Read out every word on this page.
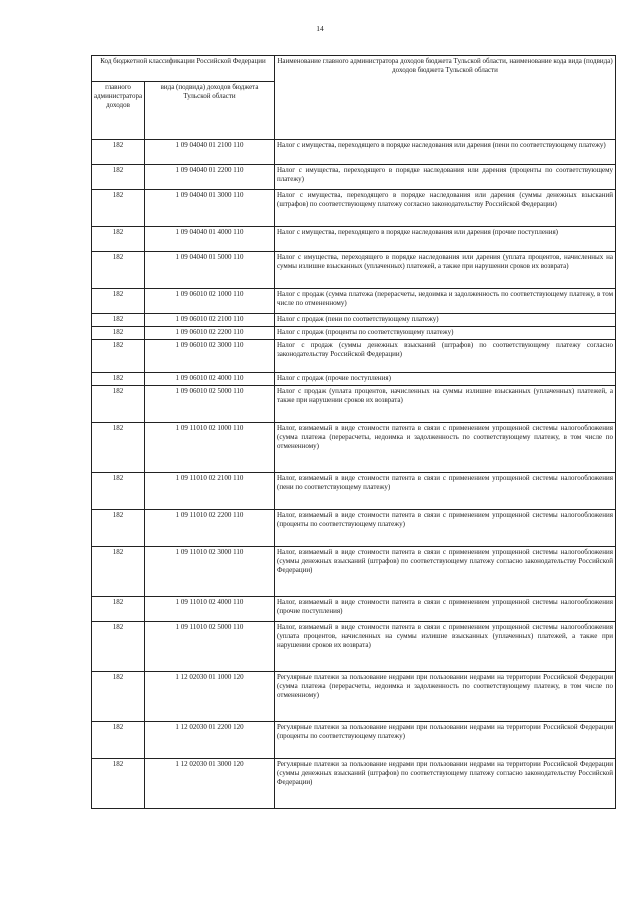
14
Код бюджетной классификации Российской Федерации		Наименование главного администратора доходов бюджета Тульской области, наименование кода вида (подвида) доходов бюджета Тульской области
главного администратора доходов	вида (подвида) доходов бюджета Тульской области	
182	1 09 04040 01 2100 110	Налог с имущества, переходящего в порядке наследования или дарения (пени по соответствующему платежу)
182	1 09 04040 01 2200 110	Налог с имущества, переходящего в порядке наследования или дарения (проценты по соответствующему платежу)
182	1 09 04040 01 3000 110	Налог с имущества, переходящего в порядке наследования или дарения (суммы денежных взысканий (штрафов) по соответствующему платежу согласно законодательству Российской Федерации)
182	1 09 04040 01 4000 110	Налог с имущества, переходящего в порядке наследования или дарения (прочие поступления)
182	1 09 04040 01 5000 110	Налог с имущества, переходящего в порядке наследования или дарения (уплата процентов, начисленных на суммы излишне взысканных (уплаченных) платежей, а также при нарушении сроков их возврата)
182	1 09 06010 02 1000 110	Налог с продаж (сумма платежа (перерасчеты, недоимка и задолженность по соответствующему платежу, в том числе по отмененному)
182	1 09 06010 02 2100 110	Налог с продаж (пени по соответствующему платежу)
182	1 09 06010 02 2200 110	Налог с продаж (проценты по соответствующему платежу)
182	1 09 06010 02 3000 110	Налог с продаж (суммы денежных взысканий (штрафов) по соответствующему платежу согласно законодательству Российской Федерации)
182	1 09 06010 02 4000 110	Налог с продаж (прочие поступления)
182	1 09 06010 02 5000 110	Налог с продаж (уплата процентов, начисленных на суммы излишне взысканных (уплаченных) платежей, а также при нарушении сроков их возврата)
182	1 09 11010 02 1000 110	Налог, взимаемый в виде стоимости патента в связи с применением упрощенной системы налогообложения (сумма платежа (перерасчеты, недоимка и задолженность по соответствующему платежу, в том числе по отмененному)
182	1 09 11010 02 2100 110	Налог, взимаемый в виде стоимости патента в связи с применением упрощенной системы налогообложения (пени по соответствующему платежу)
182	1 09 11010 02 2200 110	Налог, взимаемый в виде стоимости патента в связи с применением упрощенной системы налогообложения (проценты по соответствующему платежу)
182	1 09 11010 02 3000 110	Налог, взимаемый в виде стоимости патента в связи с применением упрощенной системы налогообложения (суммы денежных взысканий (штрафов) по соответствующему платежу согласно законодательству Российской Федерации)
182	1 09 11010 02 4000 110	Налог, взимаемый в виде стоимости патента в связи с применением упрощенной системы налогообложения (прочие поступления)
182	1 09 11010 02 5000 110	Налог, взимаемый в виде стоимости патента в связи с применением упрощенной системы налогообложения (уплата процентов, начисленных на суммы излишне взысканных (уплаченных) платежей, а также при нарушении сроков их возврата)
182	1 12 02030 01 1000 120	Регулярные платежи за пользование недрами при пользовании недрами на территории Российской Федерации (сумма платежа (перерасчеты, недоимка и задолженность по соответствующему платежу, в том числе по отмененному)
182	1 12 02030 01 2200 120	Регулярные платежи за пользование недрами при пользовании недрами на территории Российской Федерации (проценты по соответствующему платежу)
182	1 12 02030 01 3000 120	Регулярные платежи за пользование недрами при пользовании недрами на территории Российской Федерации (суммы денежных взысканий (штрафов) по соответствующему платежу согласно законодательству Российской Федерации)
